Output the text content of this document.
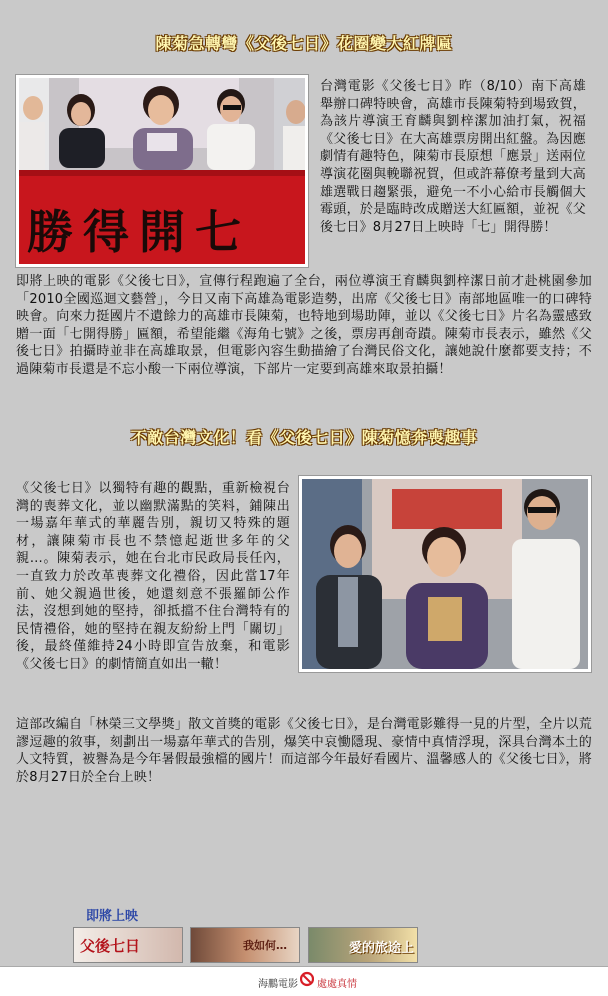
陳菊急轉彎《父後七日》花圈變大紅牌匾
勝得開七
台灣電影《父後七日》昨（8/10）南下高雄舉辦口碑特映會，高雄市長陳菊特到場致賀，為該片導演王育麟與劉梓潔加油打氣，祝福《父後七日》在大高雄票房開出紅盤。為因應劇情有趣特色，陳菊市長原想「應景」送兩位導演花圈與輓聯祝賀，但或許幕僚考量到大高雄選戰日趨緊張，避免一不小心給市長觸個大霉頭，於是臨時改成贈送大紅匾額，並祝《父後七日》8月27日上映時「七」開得勝！
即將上映的電影《父後七日》，宣傳行程跑遍了全台，兩位導演王育麟與劉梓潔日前才赴桃園參加「2010全國巡迴文藝營」，今日又南下高雄為電影造勢，出席《父後七日》南部地區唯一的口碑特映會。向來力挺國片不遺餘力的高雄市長陳菊，也特地到場助陣，並以《父後七日》片名為靈感致贈一面「七開得勝」匾額，希望能繼《海角七號》之後，票房再創奇蹟。陳菊市長表示，雖然《父後七日》拍攝時並非在高雄取景，但電影內容生動描繪了台灣民俗文化，讓她說什麼都要支持；不過陳菊市長還是不忘小酸一下兩位導演，下部片一定要到高雄來取景拍攝！
不敵台灣文化！看《父後七日》陳菊憶奔喪趣事
《父後七日》以獨特有趣的觀點，重新檢視台灣的喪葬文化，並以幽默滿點的笑料，鋪陳出一場嘉年華式的華麗告別，親切又特殊的題材，讓陳菊市長也不禁憶起逝世多年的父親…。陳菊表示，她在台北市民政局長任內，一直致力於改革喪葬文化禮俗，因此當17年前、她父親過世後，她還刻意不張羅師公作法，沒想到她的堅持，卻抵擋不住台灣特有的民情禮俗，她的堅持在親友紛紛上門「關切」後，最終僅維持24小時即宣告放棄，和電影《父後七日》的劇情簡直如出一轍！
這部改編自「林榮三文學獎」散文首獎的電影《父後七日》，是台灣電影難得一見的片型，全片以荒謬逗趣的敘事，刻劃出一場嘉年華式的告別，爆笑中哀慟隱現、豪情中真情浮現，深具台灣本土的人文特質，被譽為是今年暑假最強檔的國片！而這部今年最好看國片、溫馨感人的《父後七日》，將於8月27日於全台上映！
即將上映
父後七日	我如何…	愛的旅途上
海鵬電影 處處真情
